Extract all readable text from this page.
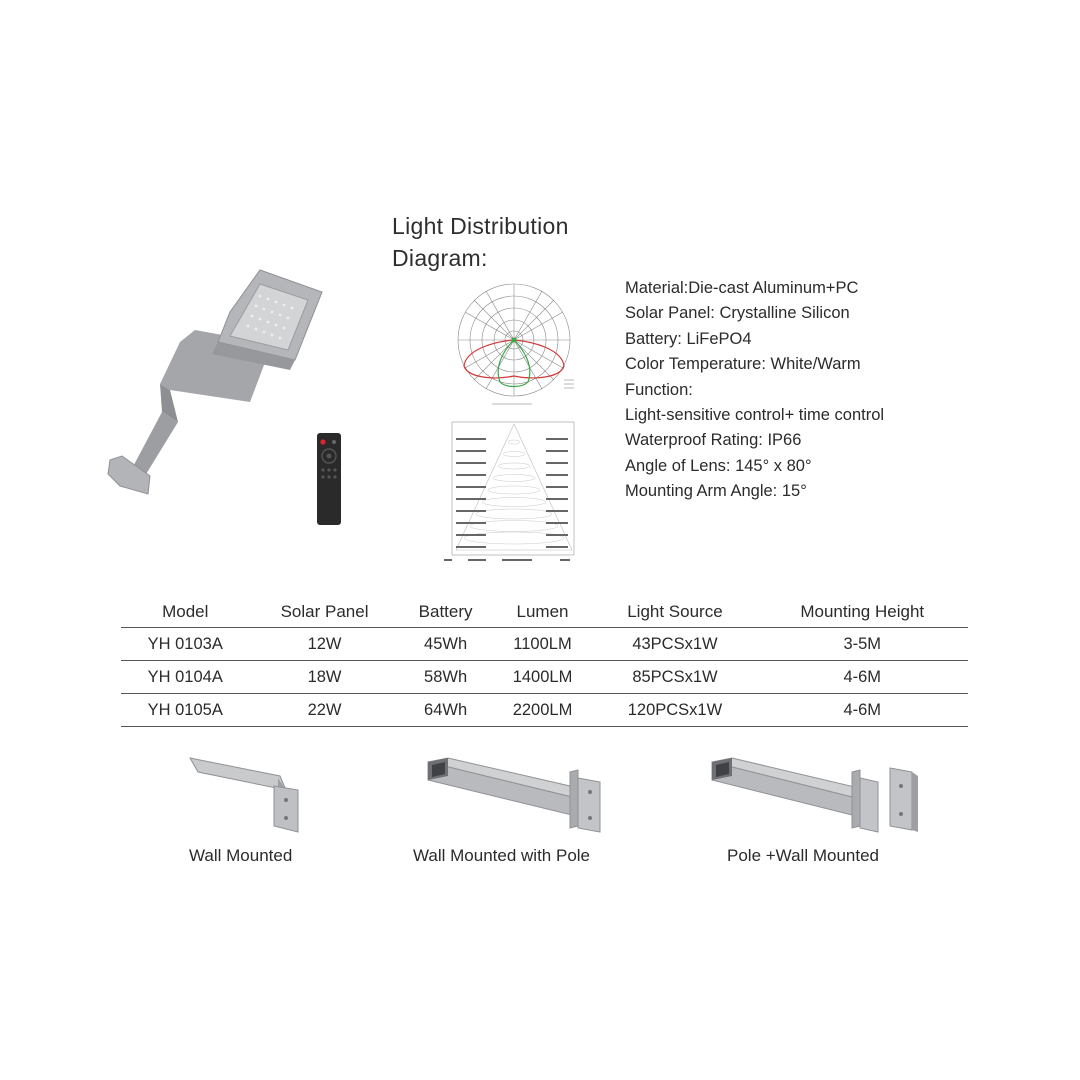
Light Distribution
Diagram:
Material:Die-cast Aluminum+PC
Solar Panel: Crystalline Silicon
Battery: LiFePO4
Color Temperature: White/Warm
Function:
Light-sensitive control+ time control
Waterproof Rating: IP66
Angle of Lens: 145° x 80°
Mounting Arm Angle: 15°
Model	Solar Panel	Battery	Lumen	Light Source	Mounting Height
YH 0103A	12W	45Wh	1100LM	43PCSx1W	3-5M
YH 0104A	18W	58Wh	1400LM	85PCSx1W	4-6M
YH 0105A	22W	64Wh	2200LM	120PCSx1W	4-6M
Wall Mounted	Wall Mounted with Pole	Pole +Wall Mounted
